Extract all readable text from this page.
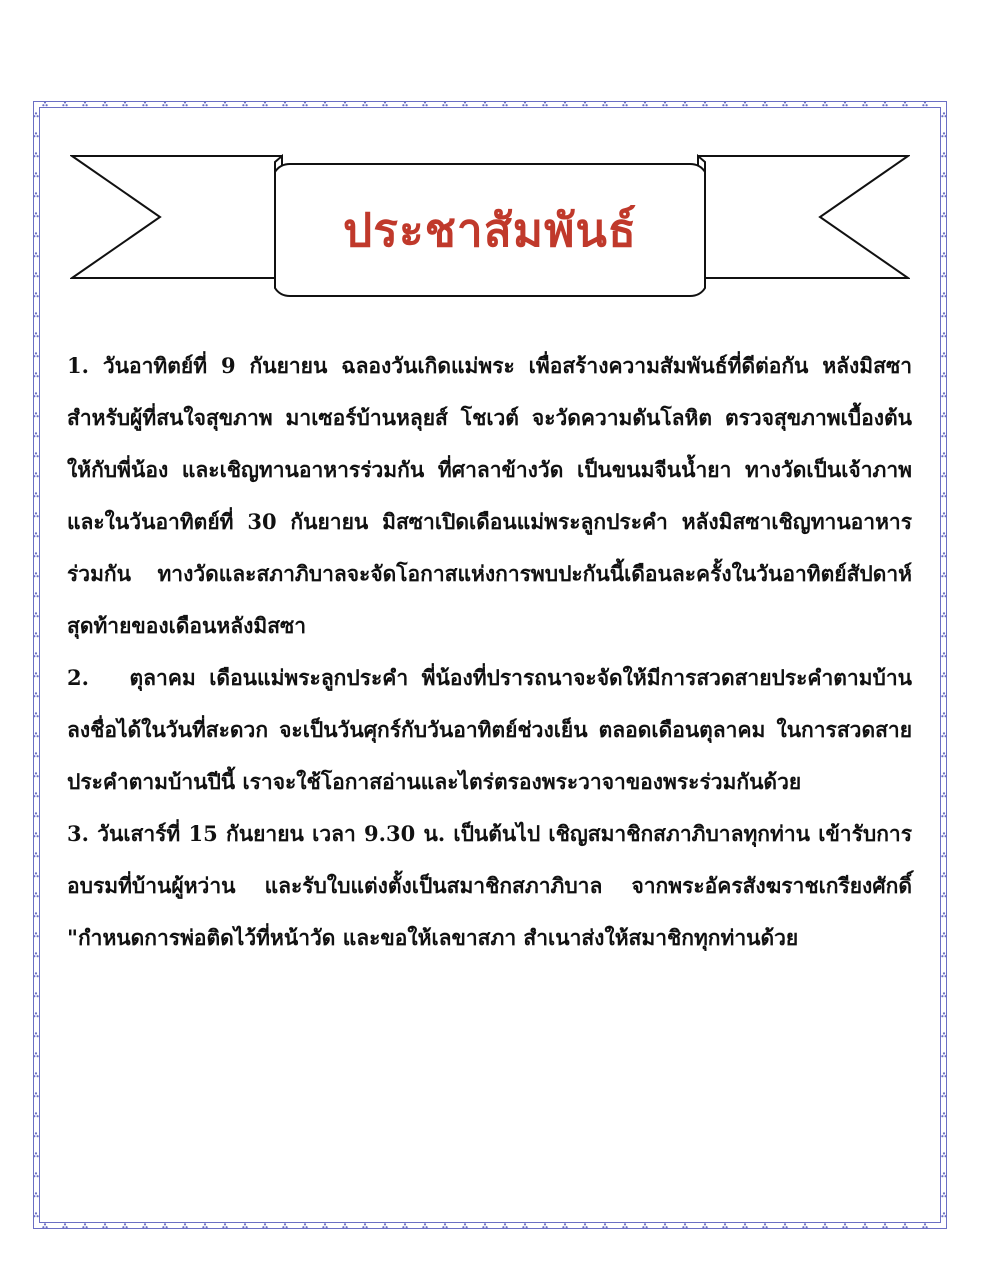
ประชาสัมพันธ์

1. วันอาทิตย์ที่ 9 กันยายน ฉลองวันเกิดแม่พระ เพื่อสร้างความสัมพันธ์ที่ดีต่อกัน หลังมิสซาสำหรับผู้ที่สนใจสุขภาพ มาเซอร์บ้านหลุยส์ โชเวต์ จะวัดความดันโลหิต ตรวจสุขภาพเบื้องต้นให้กับพี่น้อง และเชิญทานอาหารร่วมกัน ที่ศาลาข้างวัด เป็นขนมจีนน้ำยา ทางวัดเป็นเจ้าภาพ และในวันอาทิตย์ที่ 30 กันยายน มิสซาเปิดเดือนแม่พระลูกประคำ หลังมิสซาเชิญทานอาหารร่วมกัน ทางวัดและสภาภิบาลจะจัดโอกาสแห่งการพบปะกันนี้เดือนละครั้งในวันอาทิตย์สัปดาห์สุดท้ายของเดือนหลังมิสซา

2. ตุลาคม เดือนแม่พระลูกประคำ พี่น้องที่ปรารถนาจะจัดให้มีการสวดสายประคำตามบ้าน ลงชื่อได้ในวันที่สะดวก จะเป็นวันศุกร์กับวันอาทิตย์ช่วงเย็น ตลอดเดือนตุลาคม ในการสวดสายประคำตามบ้านปีนี้ เราจะใช้โอกาสอ่านและไตร่ตรองพระวาจาของพระร่วมกันด้วย

3. วันเสาร์ที่ 15 กันยายน เวลา 9.30 น. เป็นต้นไป เชิญสมาชิกสภาภิบาลทุกท่าน เข้ารับการอบรมที่บ้านผู้หว่าน และรับใบแต่งตั้งเป็นสมาชิกสภาภิบาล จากพระอัครสังฆราชเกรียงศักดิ์ "กำหนดการพ่อติดไว้ที่หน้าวัด และขอให้เลขาสภา สำเนาส่งให้สมาชิกทุกท่านด้วย
